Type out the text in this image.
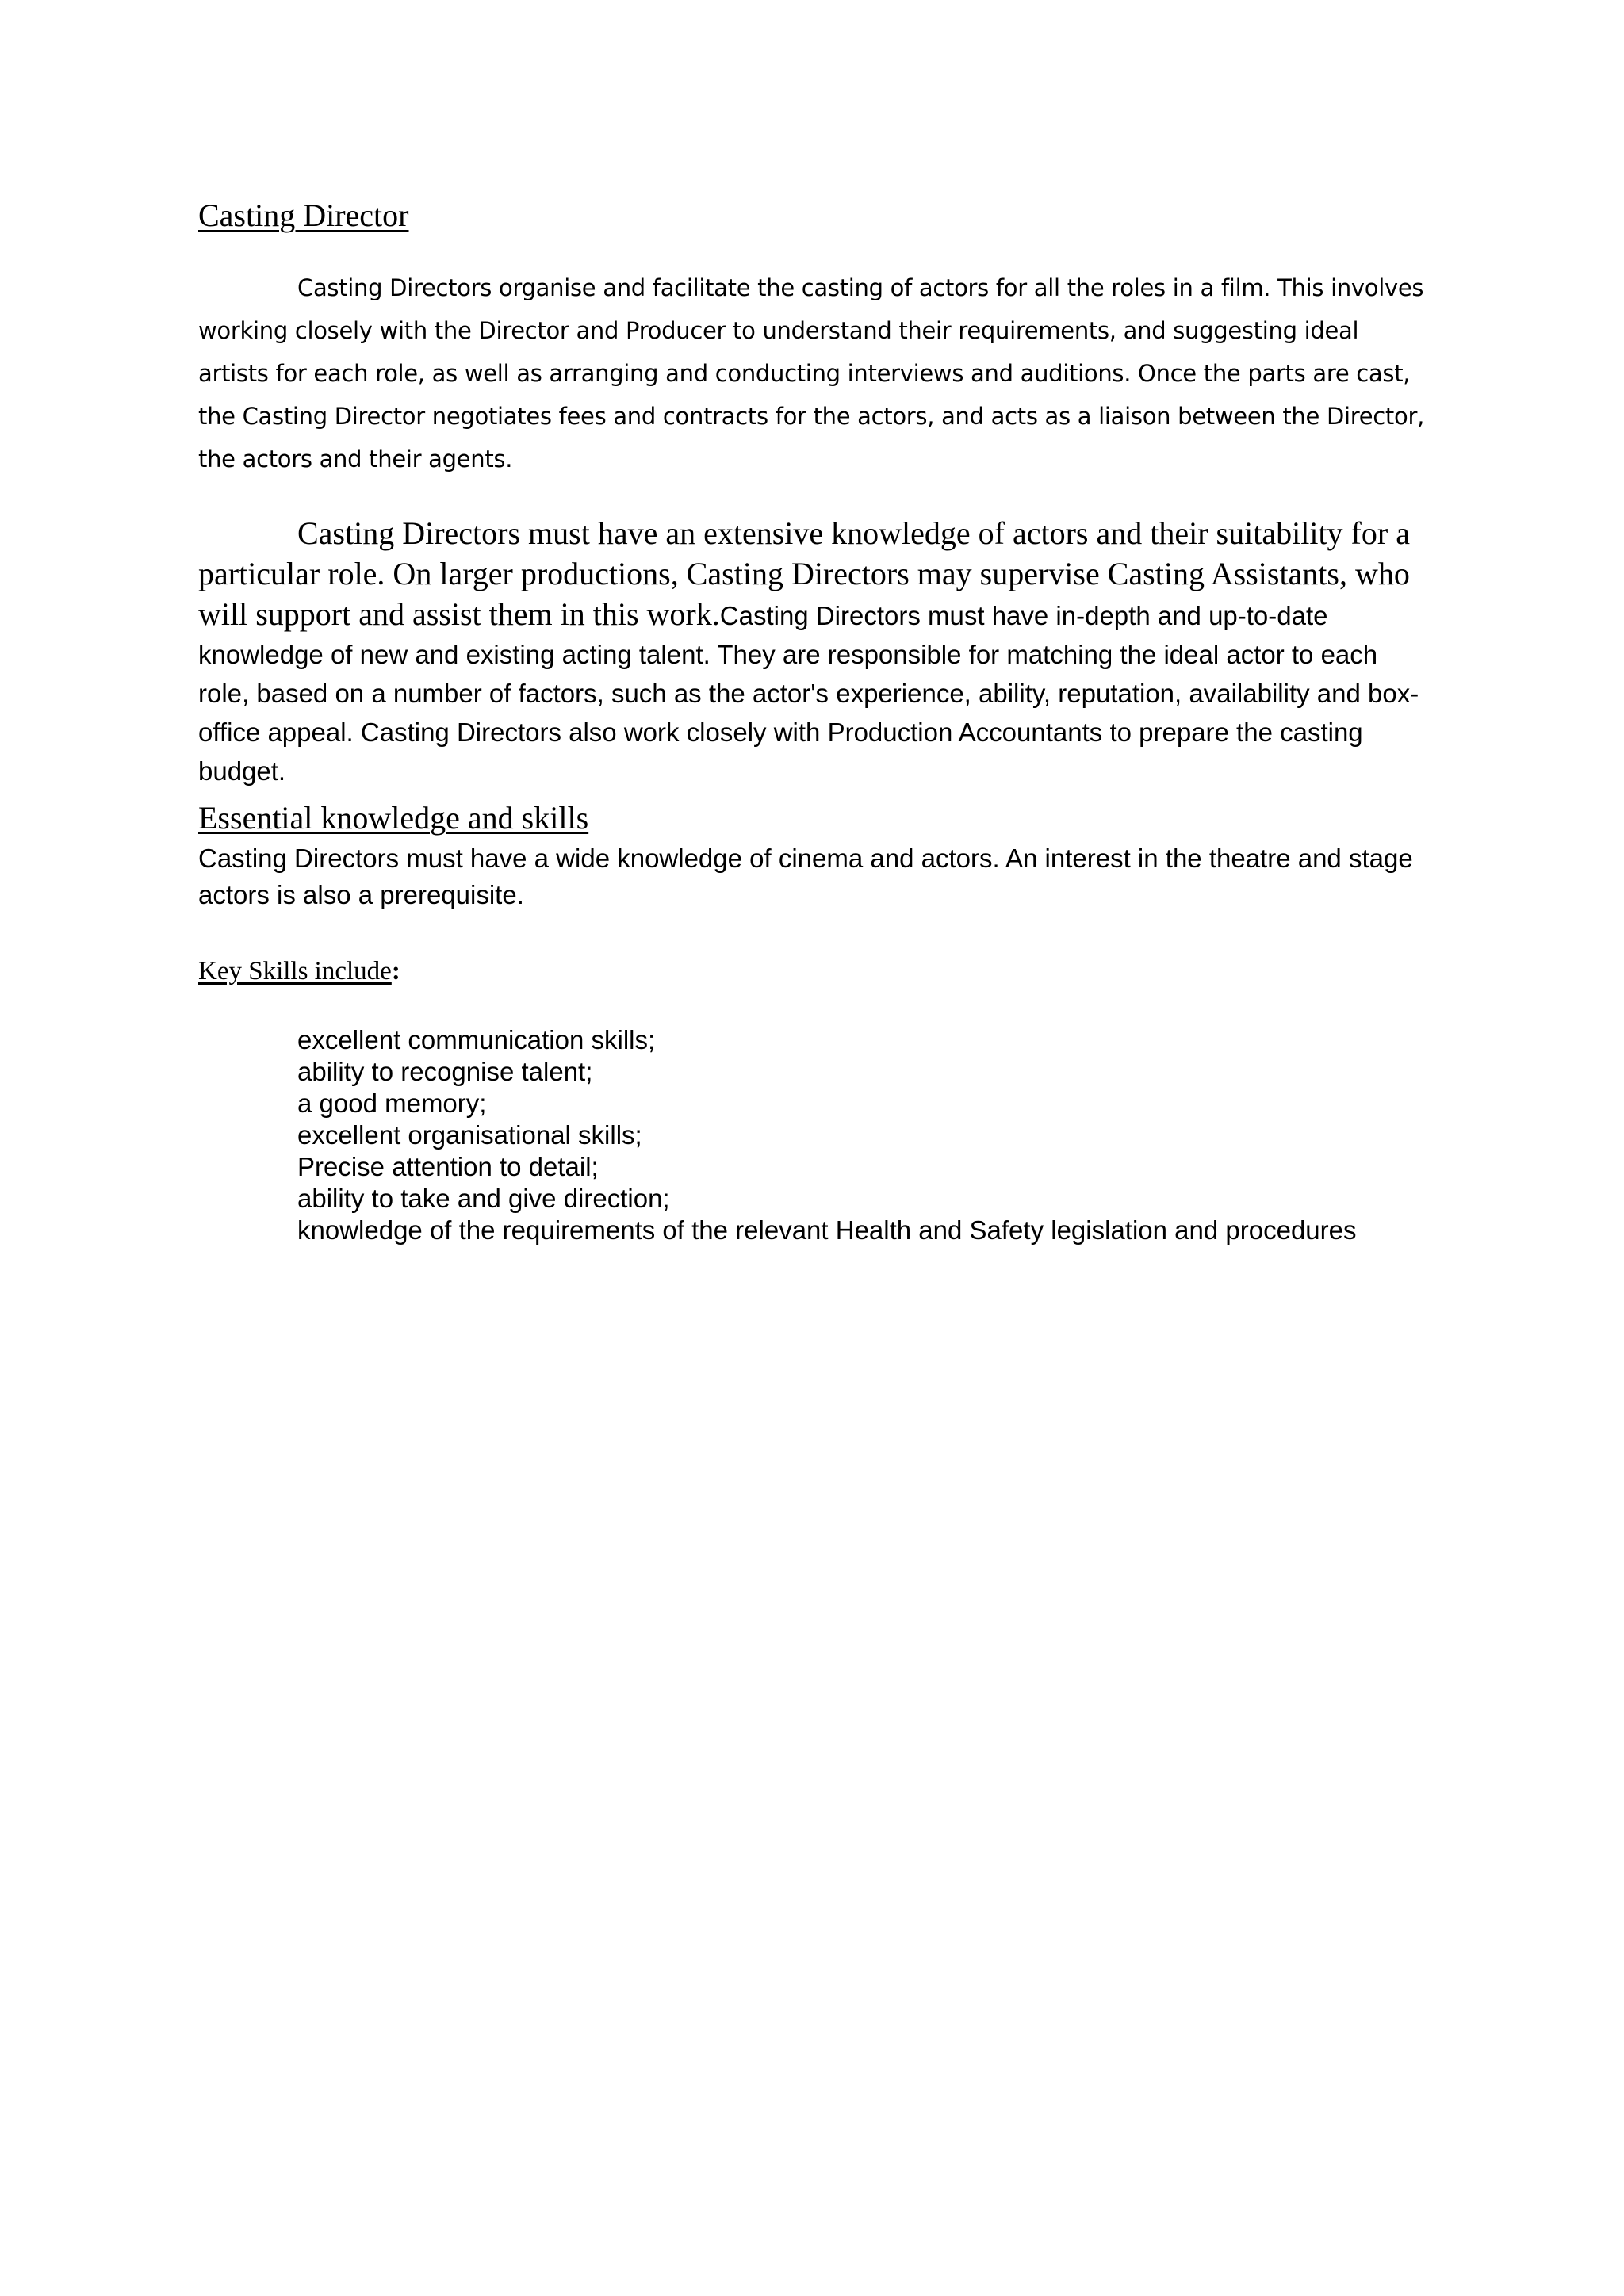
Casting Director

Casting Directors organise and facilitate the casting of actors for all the roles in a film. This involves working closely with the Director and Producer to understand their requirements, and suggesting ideal artists for each role, as well as arranging and conducting interviews and auditions. Once the parts are cast, the Casting Director negotiates fees and contracts for the actors, and acts as a liaison between the Director, the actors and their agents.

Casting Directors must have an extensive knowledge of actors and their suitability for a particular role. On larger productions, Casting Directors may supervise Casting Assistants, who will support and assist them in this work.Casting Directors must have in-depth and up-to-date knowledge of new and existing acting talent. They are responsible for matching the ideal actor to each role, based on a number of factors, such as the actor's experience, ability, reputation, availability and box-office appeal. Casting Directors also work closely with Production Accountants to prepare the casting budget.

Essential knowledge and skills

Casting Directors must have a wide knowledge of cinema and actors. An interest in the theatre and stage actors is also a prerequisite.

Key Skills include:
excellent communication skills;
ability to recognise talent;
a good memory;
excellent organisational skills;
Precise attention to detail;
ability to take and give direction;
knowledge of the requirements of the relevant Health and Safety legislation and procedures
